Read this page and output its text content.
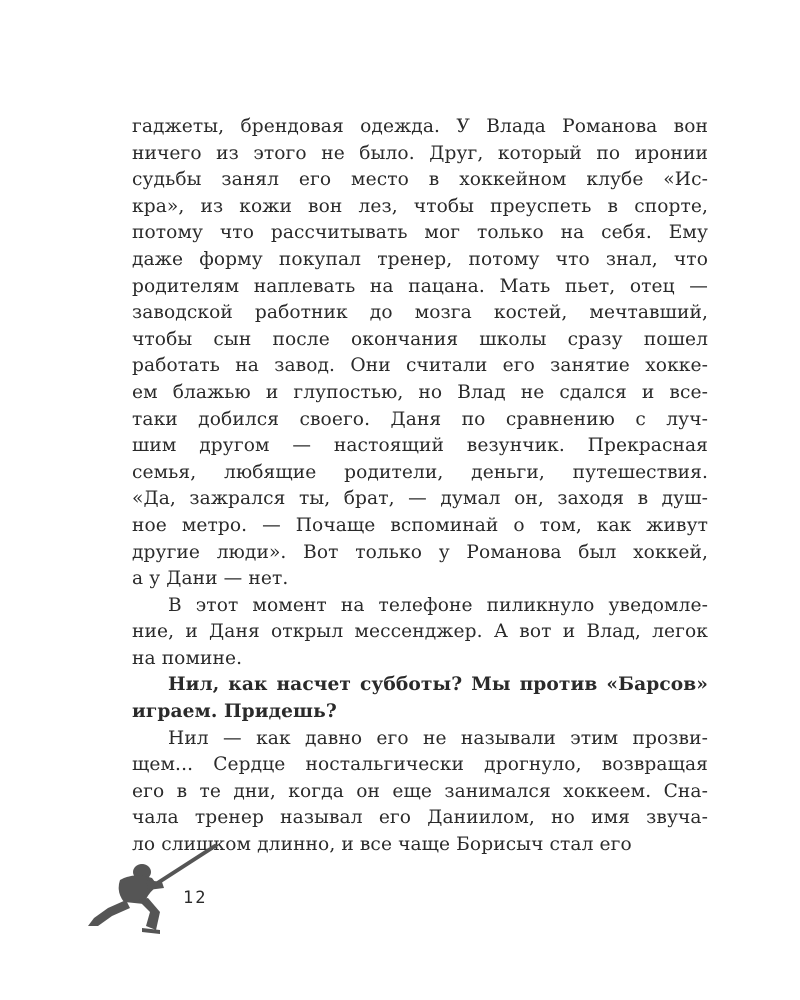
гаджеты, брендовая одежда. У Влада Романова вон
ничего из этого не было. Друг, который по иронии
судьбы занял его место в хоккейном клубе «Ис-
кра», из кожи вон лез, чтобы преуспеть в спорте,
потому что рассчитывать мог только на себя. Ему
даже форму покупал тренер, потому что знал, что
родителям наплевать на пацана. Мать пьет, отец —
заводской работник до мозга костей, мечтавший,
чтобы сын после окончания школы сразу пошел
работать на завод. Они считали его занятие хокке-
ем блажью и глупостью, но Влад не сдался и все-
таки добился своего. Даня по сравнению с луч-
шим другом — настоящий везунчик. Прекрасная
семья, любящие родители, деньги, путешествия.
«Да, зажрался ты, брат, — думал он, заходя в душ-
ное метро. — Почаще вспоминай о том, как живут
другие люди». Вот только у Романова был хоккей,
а у Дани — нет.
В этот момент на телефоне пиликнуло уведомле-
ние, и Даня открыл мессенджер. А вот и Влад, легок
на помине.
Нил, как насчет субботы? Мы против «Барсов»
играем. Придешь?
Нил — как давно его не называли этим прозви-
щем... Сердце ностальгически дрогнуло, возвращая
его в те дни, когда он еще занимался хоккеем. Сна-
чала тренер называл его Даниилом, но имя звуча-
ло слишком длинно, и все чаще Борисыч стал его
12
